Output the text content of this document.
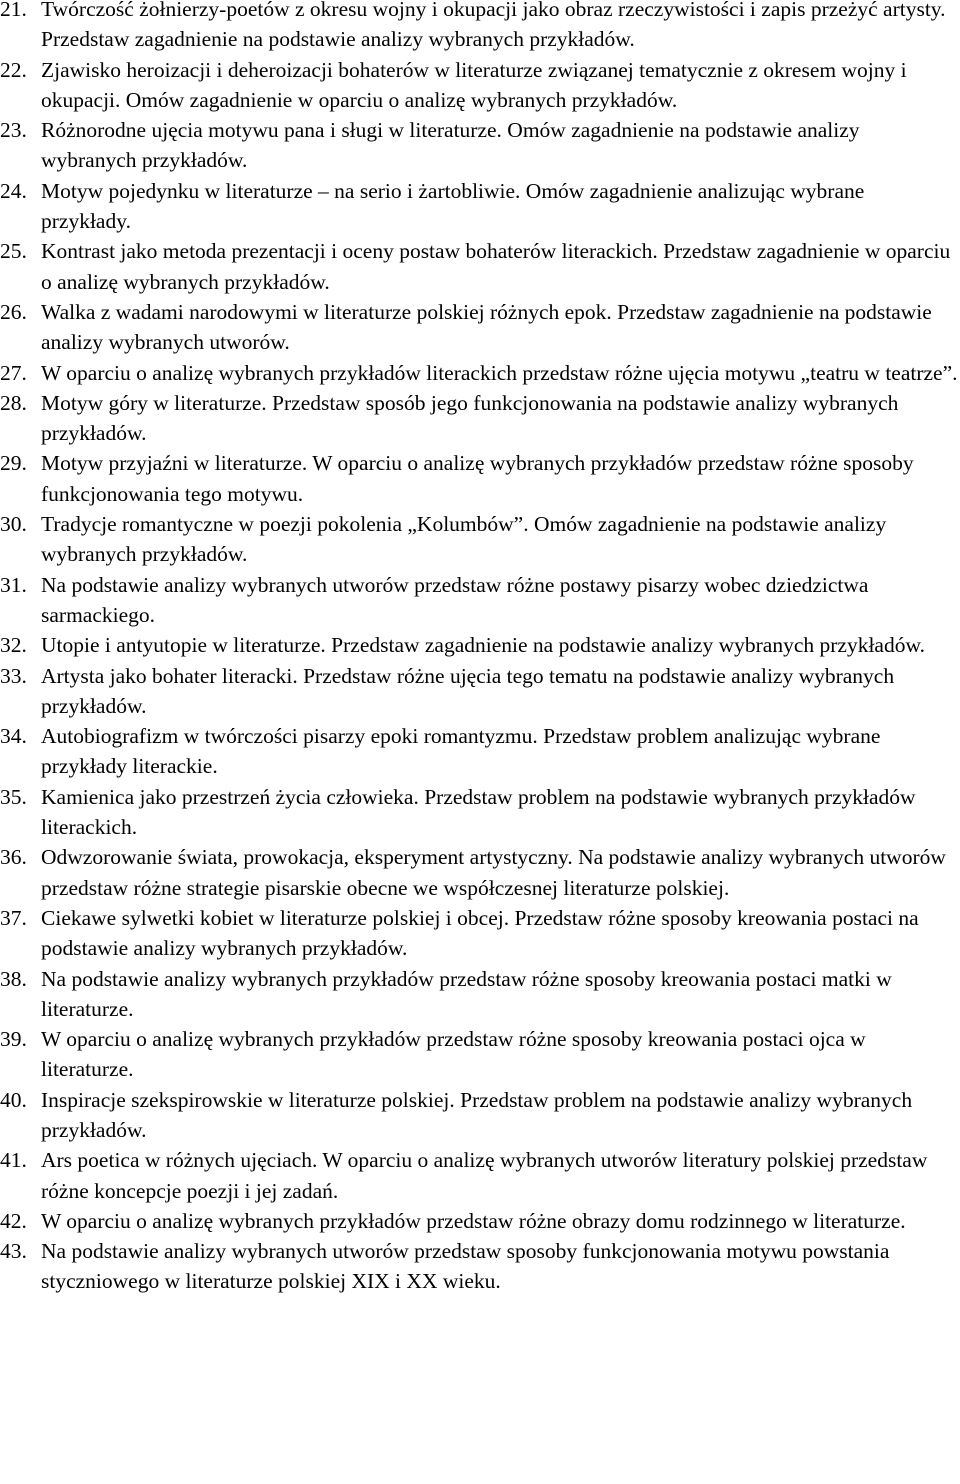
21. Twórczość żołnierzy-poetów z okresu wojny i okupacji jako obraz rzeczywistości i zapis przeżyć artysty. Przedstaw zagadnienie na podstawie analizy wybranych przykładów.
22. Zjawisko heroizacji i deheroizacji bohaterów w literaturze związanej tematycznie z okresem wojny i okupacji. Omów zagadnienie w oparciu o analizę wybranych przykładów.
23. Różnorodne ujęcia motywu pana i sługi w literaturze. Omów zagadnienie na podstawie analizy wybranych przykładów.
24. Motyw pojedynku w literaturze – na serio i żartobliwie. Omów zagadnienie analizując wybrane przykłady.
25. Kontrast jako metoda prezentacji i oceny postaw bohaterów literackich. Przedstaw zagadnienie w oparciu o analizę wybranych przykładów.
26. Walka z wadami narodowymi w literaturze polskiej różnych epok. Przedstaw zagadnienie na podstawie analizy wybranych utworów.
27. W oparciu o analizę wybranych przykładów literackich przedstaw różne ujęcia motywu „teatru w teatrze”.
28. Motyw góry w literaturze. Przedstaw sposób jego funkcjonowania na podstawie analizy wybranych przykładów.
29. Motyw przyjaźni w literaturze. W oparciu o analizę wybranych przykładów przedstaw różne sposoby funkcjonowania tego motywu.
30. Tradycje romantyczne w poezji pokolenia „Kolumbów”. Omów zagadnienie na podstawie analizy wybranych przykładów.
31. Na podstawie analizy wybranych utworów przedstaw różne postawy pisarzy wobec dziedzictwa sarmackiego.
32. Utopie i antyutopie w literaturze. Przedstaw zagadnienie na podstawie analizy wybranych przykładów.
33. Artysta jako bohater literacki. Przedstaw różne ujęcia tego tematu na podstawie analizy wybranych przykładów.
34. Autobiografizm w twórczości pisarzy epoki romantyzmu. Przedstaw problem analizując wybrane przykłady literackie.
35. Kamienica jako przestrzeń życia człowieka. Przedstaw problem na podstawie wybranych przykładów literackich.
36. Odwzorowanie świata, prowokacja, eksperyment artystyczny. Na podstawie analizy wybranych utworów przedstaw różne strategie pisarskie obecne we współczesnej literaturze polskiej.
37. Ciekawe sylwetki kobiet w literaturze polskiej i obcej. Przedstaw różne sposoby kreowania postaci na podstawie analizy wybranych przykładów.
38. Na podstawie analizy wybranych przykładów przedstaw różne sposoby kreowania postaci matki w literaturze.
39. W oparciu o analizę wybranych przykładów przedstaw różne sposoby kreowania postaci ojca w literaturze.
40. Inspiracje szekspirowskie w literaturze polskiej. Przedstaw problem na podstawie analizy wybranych przykładów.
41. Ars poetica w różnych ujęciach. W oparciu o analizę wybranych utworów literatury polskiej przedstaw różne koncepcje poezji i jej zadań.
42. W oparciu o analizę wybranych przykładów przedstaw różne obrazy domu rodzinnego w literaturze.
43. Na podstawie analizy wybranych utworów przedstaw sposoby funkcjonowania motywu powstania styczniowego w literaturze polskiej XIX i XX wieku.
